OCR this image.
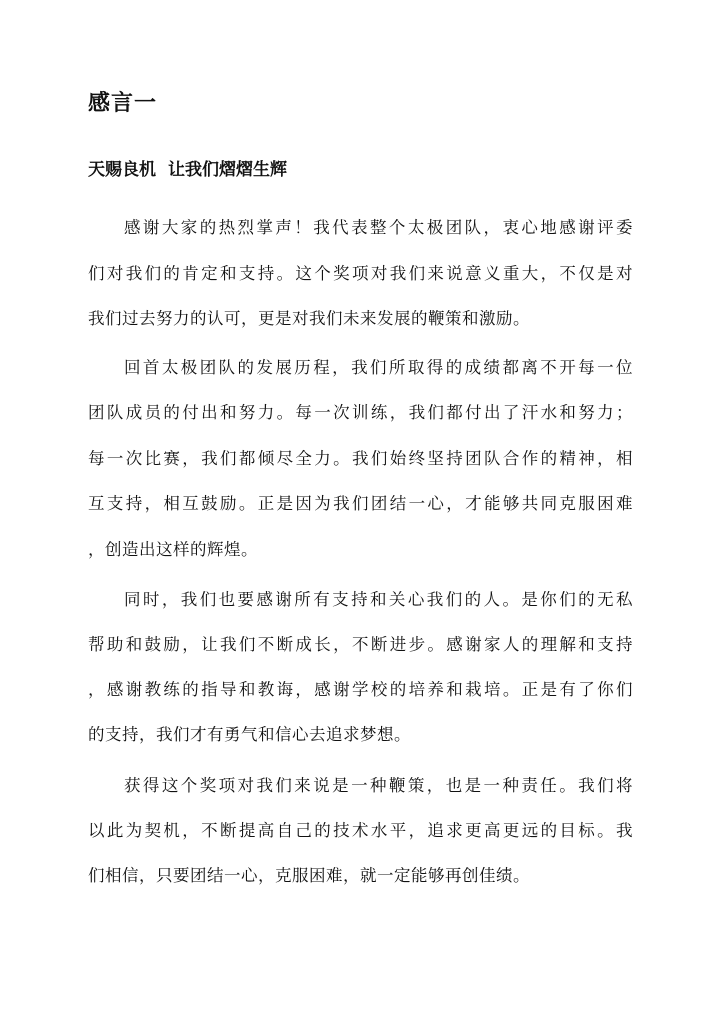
感言一
天赐良机 让我们熠熠生辉

感谢大家的热烈掌声！我代表整个太极团队，衷心地感谢评委

们对我们的肯定和支持。这个奖项对我们来说意义重大，不仅是对

我们过去努力的认可，更是对我们未来发展的鞭策和激励。

回首太极团队的发展历程，我们所取得的成绩都离不开每一位

团队成员的付出和努力。每一次训练，我们都付出了汗水和努力；

每一次比赛，我们都倾尽全力。我们始终坚持团队合作的精神，相

互支持，相互鼓励。正是因为我们团结一心，才能够共同克服困难

，创造出这样的辉煌。

同时，我们也要感谢所有支持和关心我们的人。是你们的无私

帮助和鼓励，让我们不断成长，不断进步。感谢家人的理解和支持

，感谢教练的指导和教诲，感谢学校的培养和栽培。正是有了你们

的支持，我们才有勇气和信心去追求梦想。

获得这个奖项对我们来说是一种鞭策，也是一种责任。我们将

以此为契机，不断提高自己的技术水平，追求更高更远的目标。我

们相信，只要团结一心，克服困难，就一定能够再创佳绩。
